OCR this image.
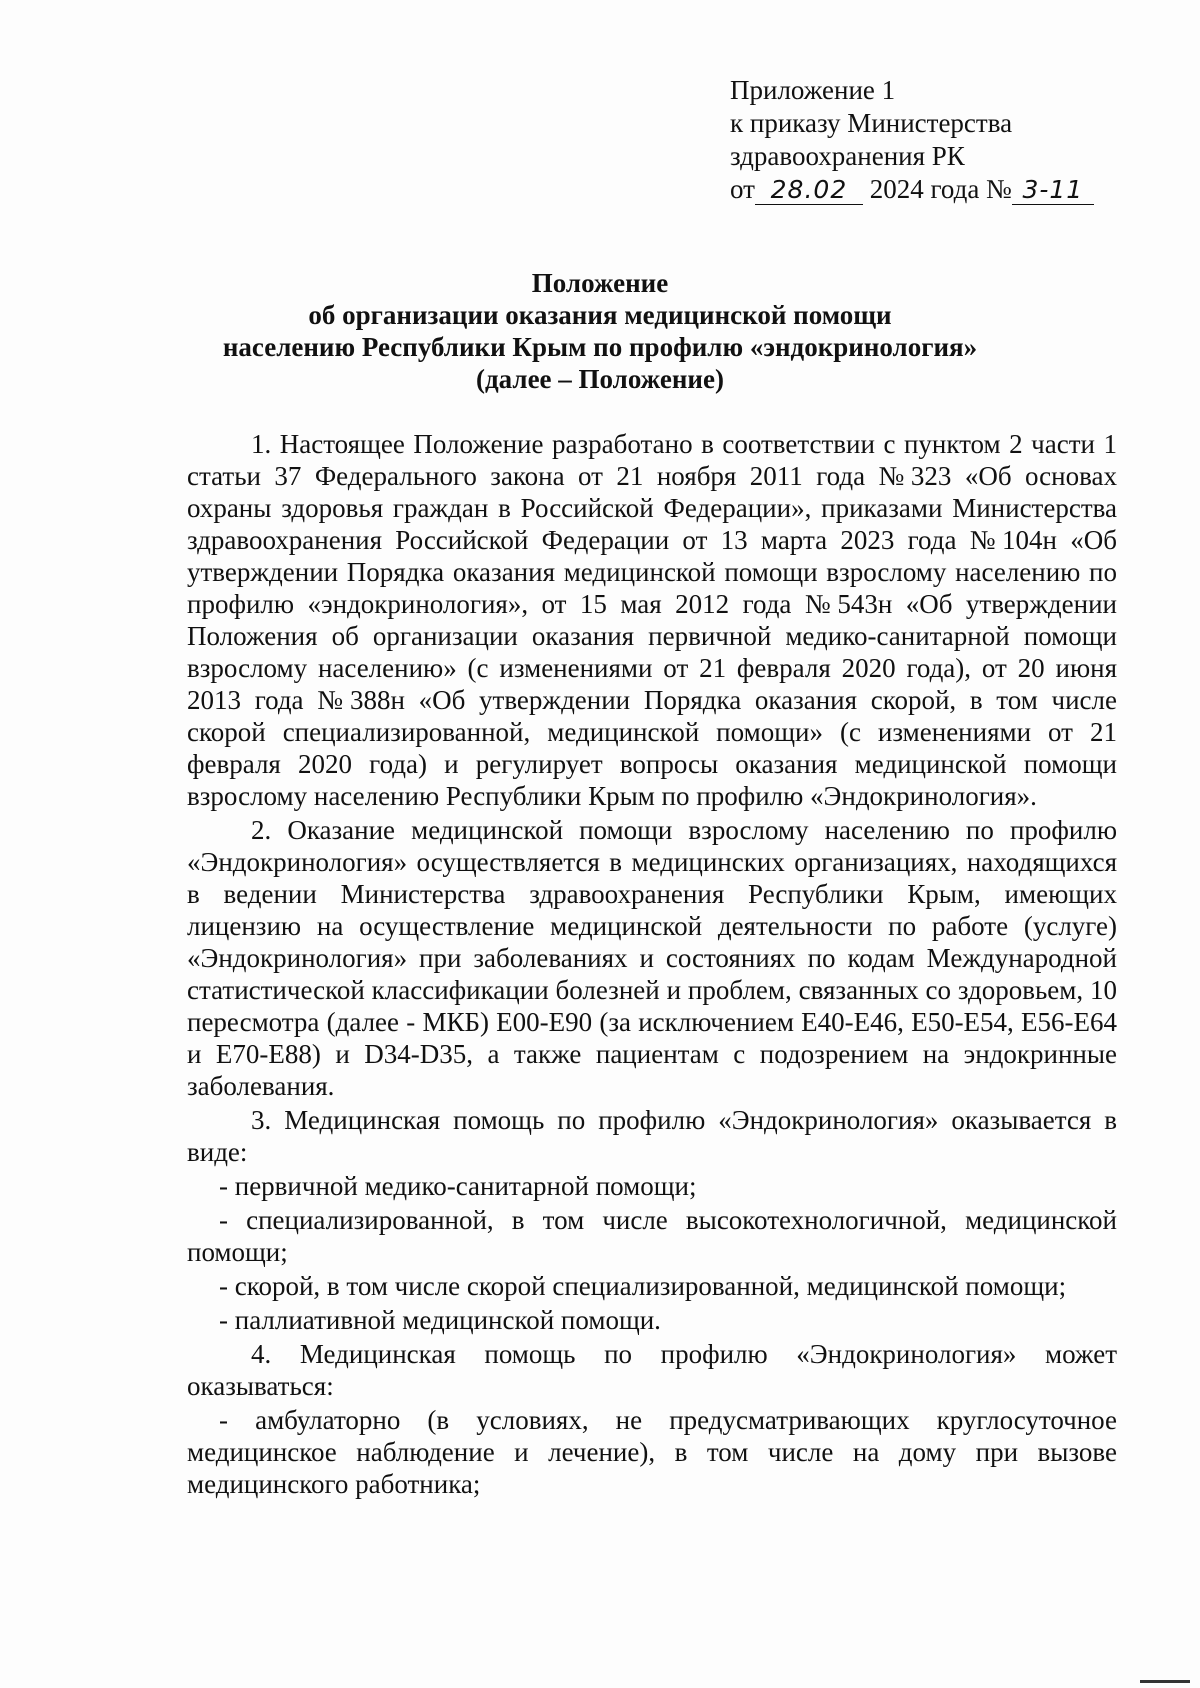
Приложение 1
к приказу Министерства
здравоохранения РК
от 28.02 2024 года № 3-11
Положение
об организации оказания медицинской помощи
населению Республики Крым по профилю «эндокринология»
(далее – Положение)

1. Настоящее Положение разработано в соответствии с пунктом 2 части 1 статьи 37 Федерального закона от 21 ноября 2011 года №323 «Об основах охраны здоровья граждан в Российской Федерации», приказами Министерства здравоохранения Российской Федерации от 13 марта 2023 года №104н «Об утверждении Порядка оказания медицинской помощи взрослому населению по профилю «эндокринология», от 15 мая 2012 года №543н «Об утверждении Положения об организации оказания первичной медико-санитарной помощи взрослому населению» (с изменениями от 21 февраля 2020 года), от 20 июня 2013 года №388н «Об утверждении Порядка оказания скорой, в том числе скорой специализированной, медицинской помощи» (с изменениями от 21 февраля 2020 года) и регулирует вопросы оказания медицинской помощи взрослому населению Республики Крым по профилю «Эндокринология».

2. Оказание медицинской помощи взрослому населению по профилю «Эндокринология» осуществляется в медицинских организациях, находящихся в ведении Министерства здравоохранения Республики Крым, имеющих лицензию на осуществление медицинской деятельности по работе (услуге) «Эндокринология» при заболеваниях и состояниях по кодам Международной статистической классификации болезней и проблем, связанных со здоровьем, 10 пересмотра (далее - МКБ) Е00-Е90 (за исключением Е40-Е46, Е50-Е54, Е56-Е64 и Е70-Е88) и D34-D35, а также пациентам с подозрением на эндокринные заболевания.

3. Медицинская помощь по профилю «Эндокринология» оказывается в виде:

- первичной медико-санитарной помощи;

- специализированной, в том числе высокотехнологичной, медицинской помощи;

- скорой, в том числе скорой специализированной, медицинской помощи;

- паллиативной медицинской помощи.

4. Медицинская помощь по профилю «Эндокринология» может оказываться:

- амбулаторно (в условиях, не предусматривающих круглосуточное медицинское наблюдение и лечение), в том числе на дому при вызове медицинского работника;
